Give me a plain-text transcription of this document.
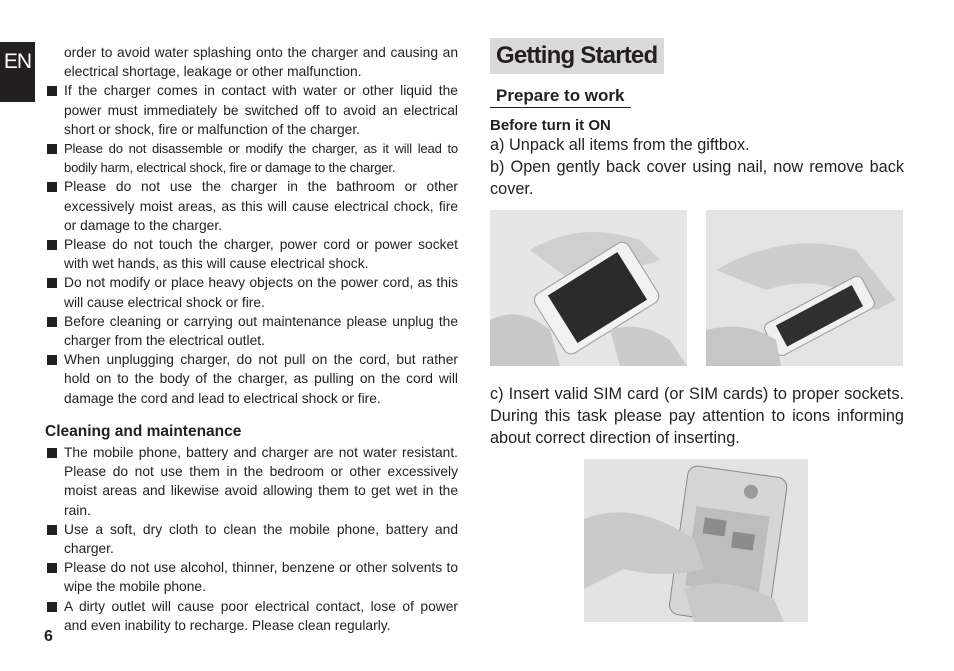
EN	order to avoid water splashing onto the charger and causing an electrical shortage, leakage or other malfunction.
If the charger comes in contact with water or other liquid the power must immediately be switched off to avoid an electrical short or shock, fire or malfunction of the charger.
Please do not disassemble or modify the charger, as it will lead to bodily harm, electrical shock, fire or damage to the charger.
Please do not use the charger in the bathroom or other excessively moist areas, as this will cause electrical chock, fire or damage to the charger.
Please do not touch the charger, power cord or power socket with wet hands, as this will cause electrical shock.
Do not modify or place heavy objects on the power cord, as this will cause electrical shock or fire.
Before cleaning or carrying out maintenance please unplug the charger from the electrical outlet.
When unplugging charger, do not pull on the cord, but rather hold on to the body of the charger, as pulling on the cord will damage the cord and lead to electrical shock or fire.
Cleaning and maintenance
The mobile phone, battery and charger are not water resistant. Please do not use them in the bedroom or other excessively moist areas and likewise avoid allowing them to get wet in the rain.
Use a soft, dry cloth to clean the mobile phone, battery and charger.
Please do not use alcohol, thinner, benzene or other solvents to wipe the mobile phone.
A dirty outlet will cause poor electrical contact, lose of power and even inability to recharge. Please clean regularly.
6
Getting Started
Prepare to work
Before turn it ON
a) Unpack all items from the giftbox.
b) Open gently back cover using nail, now remove back cover.
c) Insert valid SIM card (or SIM cards) to proper sockets. During this task please pay attention to icons informing about correct direction of inserting.
